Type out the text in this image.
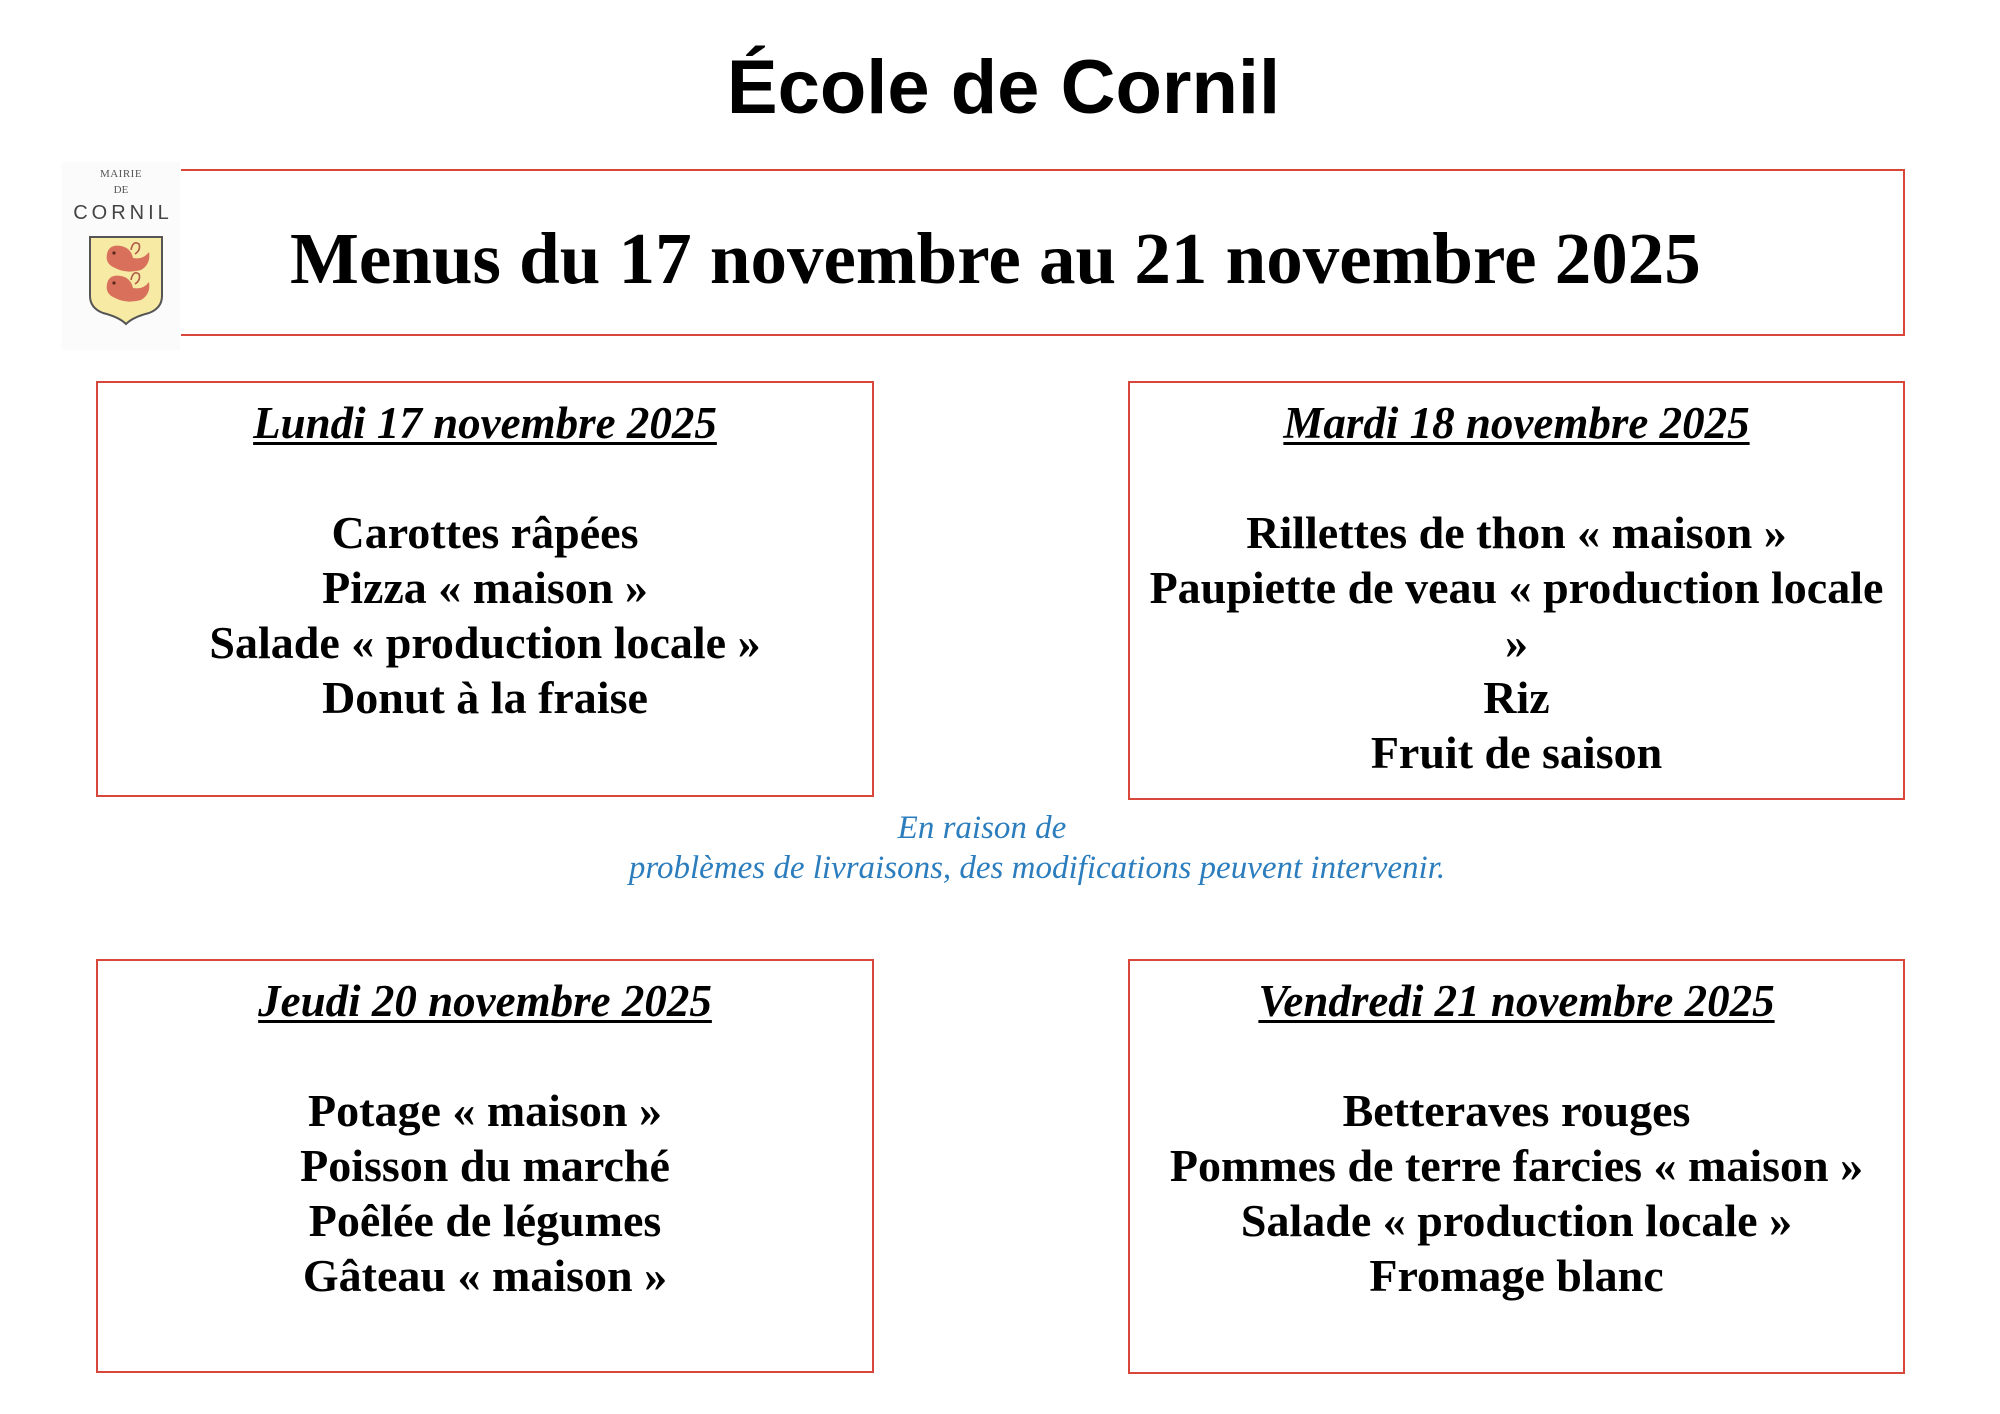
École de Cornil
MAIRIE
DE
CORNIL
Menus du 17 novembre au 21 novembre 2025
Lundi 17 novembre 2025
Carottes râpées
Pizza « maison »
Salade « production locale »
Donut à la fraise
Mardi 18 novembre 2025
Rillettes de thon « maison »
Paupiette de veau « production locale »
Riz
Fruit de saison
En raison de
problèmes de livraisons, des modifications peuvent intervenir.
Jeudi 20 novembre 2025
Potage « maison »
Poisson du marché
Poêlée de légumes
Gâteau « maison »
Vendredi 21 novembre 2025
Betteraves rouges
Pommes de terre farcies « maison »
Salade « production locale »
Fromage blanc
